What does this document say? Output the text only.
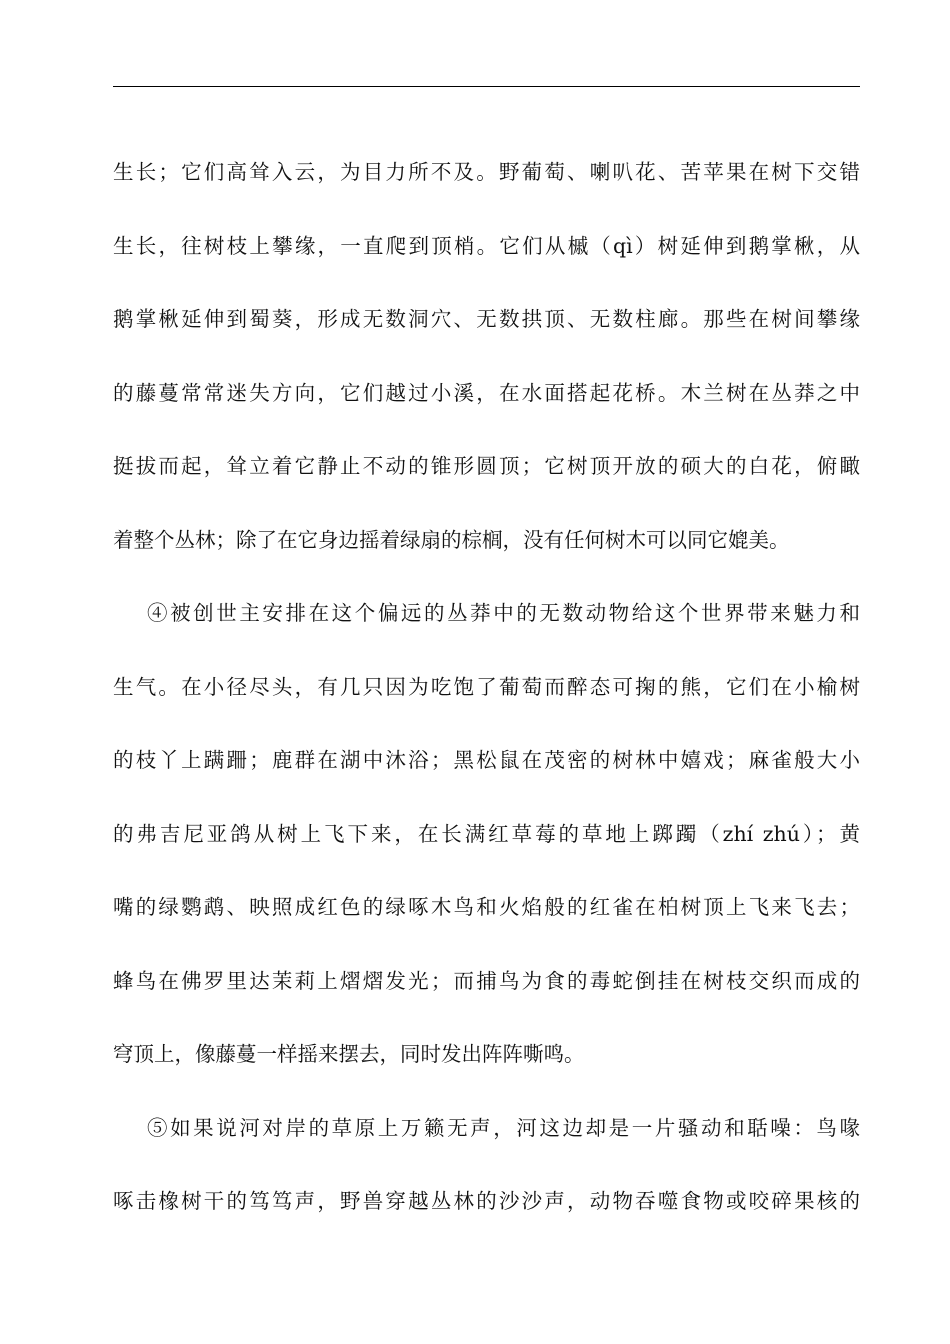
生长；它们高耸入云，为目力所不及。野葡萄、喇叭花、苦苹果在树下交错
生长，往树枝上攀缘，一直爬到顶梢。它们从槭（qì）树延伸到鹅掌楸，从
鹅掌楸延伸到蜀葵，形成无数洞穴、无数拱顶、无数柱廊。那些在树间攀缘
的藤蔓常常迷失方向，它们越过小溪，在水面搭起花桥。木兰树在丛莽之中
挺拔而起，耸立着它静止不动的锥形圆顶；它树顶开放的硕大的白花，俯瞰
着整个丛林；除了在它身边摇着绿扇的棕榈，没有任何树木可以同它媲美。
④被创世主安排在这个偏远的丛莽中的无数动物给这个世界带来魅力和
生气。在小径尽头，有几只因为吃饱了葡萄而醉态可掬的熊，它们在小榆树
的枝丫上蹒跚；鹿群在湖中沐浴；黑松鼠在茂密的树林中嬉戏；麻雀般大小
的弗吉尼亚鸽从树上飞下来，在长满红草莓的草地上踯躅（zhí zhú）；黄
嘴的绿鹦鹉、映照成红色的绿啄木鸟和火焰般的红雀在柏树顶上飞来飞去；
蜂鸟在佛罗里达茉莉上熠熠发光；而捕鸟为食的毒蛇倒挂在树枝交织而成的
穹顶上，像藤蔓一样摇来摆去，同时发出阵阵嘶鸣。
⑤如果说河对岸的草原上万籁无声，河这边却是一片骚动和聒噪：鸟喙
啄击橡树干的笃笃声，野兽穿越丛林的沙沙声，动物吞噬食物或咬碎果核的
